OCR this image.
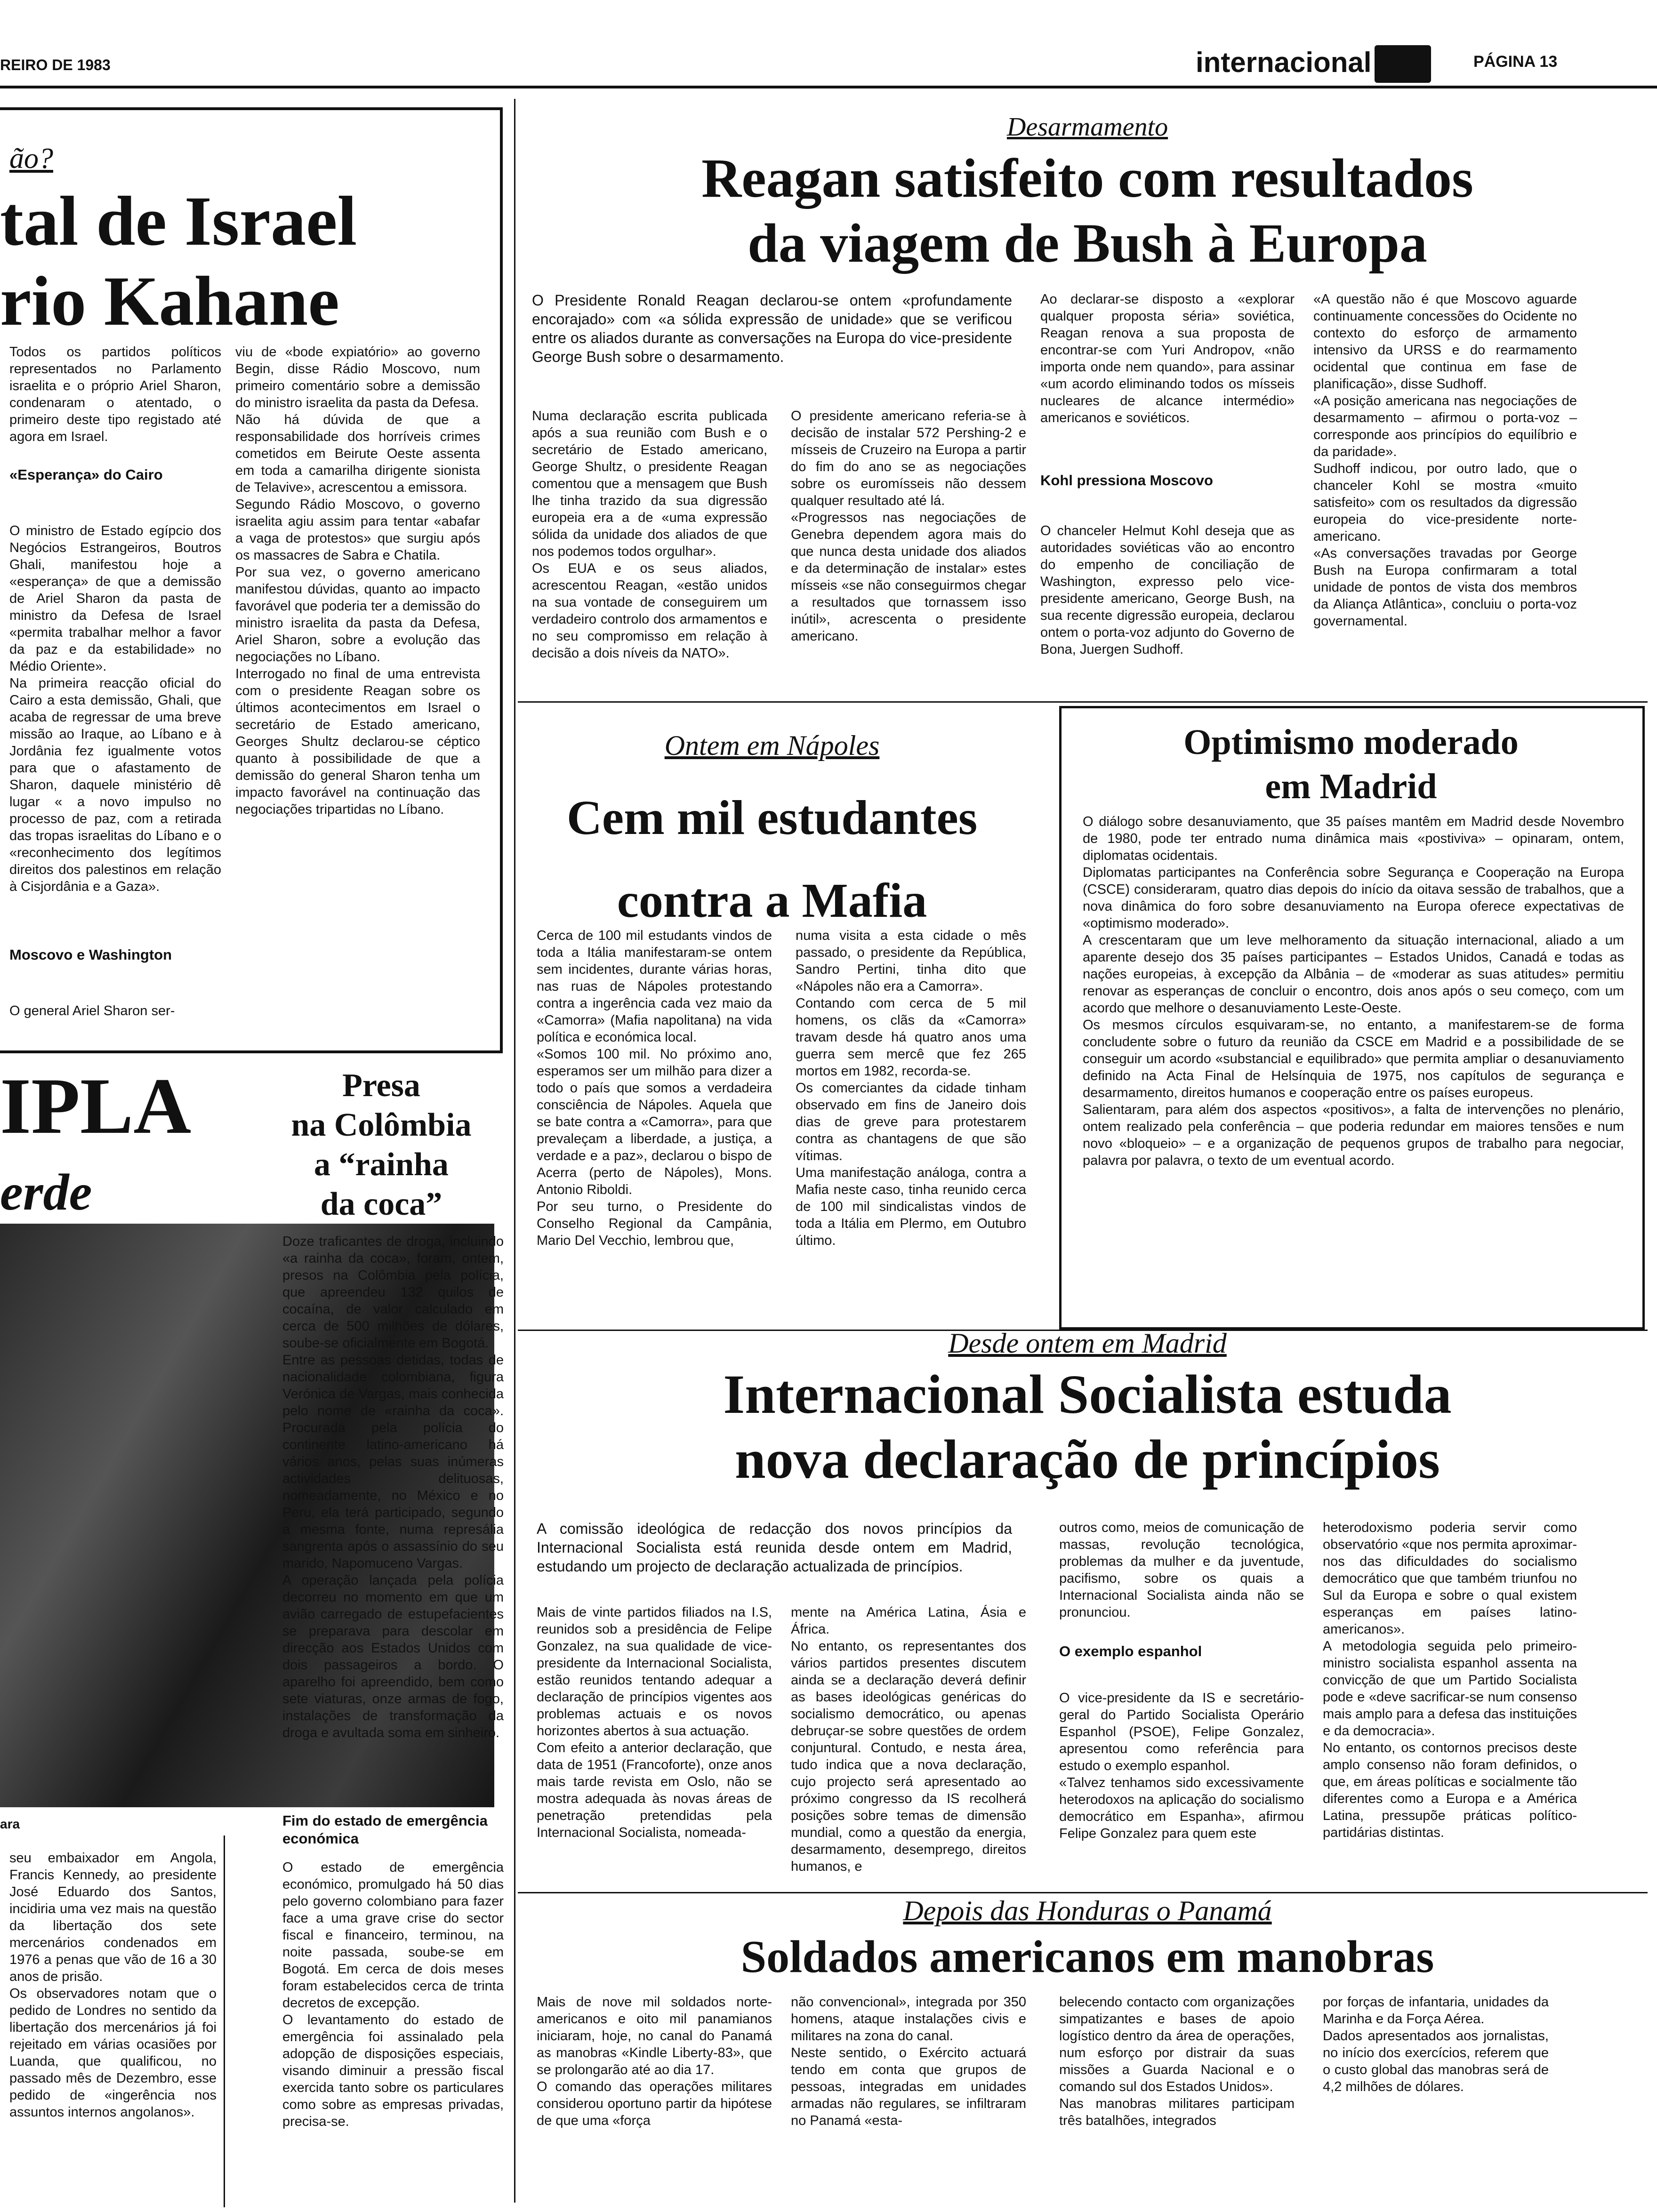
REIRO DE 1983	internacional	PÁGINA 13
ão?
tal de Israel
rio Kahane
Todos os partidos políticos representados no Parlamento israelita e o próprio Ariel Sharon, condenaram o atentado, o primeiro deste tipo registado até agora em Israel.
«Esperança» do Cairo
O ministro de Estado egípcio dos Negócios Estrangeiros, Boutros Ghali, manifestou hoje a «esperança» de que a demissão de Ariel Sharon da pasta de ministro da Defesa de Israel «permita trabalhar melhor a favor da paz e da estabilidade» no Médio Oriente».
Na primeira reacção oficial do Cairo a esta demissão, Ghali, que acaba de regressar de uma breve missão ao Iraque, ao Líbano e à Jordânia fez igualmente votos para que o afastamento de Sharon, daquele ministério dê lugar « a novo impulso no processo de paz, com a retirada das tropas israelitas do Líbano e o «reconhecimento dos legítimos direitos dos palestinos em relação à Cisjordânia e a Gaza».
Moscovo e Washington
O general Ariel Sharon ser-
viu de «bode expiatório» ao governo Begin, disse Rádio Moscovo, num primeiro comentário sobre a demissão do ministro israelita da pasta da Defesa.
Não há dúvida de que a responsabilidade dos horríveis crimes cometidos em Beirute Oeste assenta em toda a camarilha dirigente sionista de Telavive», acrescentou a emissora.
Segundo Rádio Moscovo, o governo israelita agiu assim para tentar «abafar a vaga de protestos» que surgiu após os massacres de Sabra e Chatila.
Por sua vez, o governo americano manifestou dúvidas, quanto ao impacto favorável que poderia ter a demissão do ministro israelita da pasta da Defesa, Ariel Sharon, sobre a evolução das negociações no Líbano.
Interrogado no final de uma entrevista com o presidente Reagan sobre os últimos acontecimentos em Israel o secretário de Estado americano, Georges Shultz declarou-se céptico quanto à possibilidade de que a demissão do general Sharon tenha um impacto favorável na continuação das negociações tripartidas no Líbano.
IPLA
erde
ara
seu embaixador em Angola, Francis Kennedy, ao presidente José Eduardo dos Santos, incidiria uma vez mais na questão da libertação dos sete mercenários condenados em 1976 a penas que vão de 16 a 30 anos de prisão.
Os observadores notam que o pedido de Londres no sentido da libertação dos mercenários já foi rejeitado em várias ocasiões por Luanda, que qualificou, no passado mês de Dezembro, esse pedido de «ingerência nos assuntos internos angolanos».
Presa
na Colômbia
a “rainha
da coca”
Doze traficantes de droga, incluindo «a rainha da coca», foram, ontem, presos na Colômbia pela polícia, que apreendeu 132 quilos de cocaína, de valor calculado em cerca de 500 milhões de dólares, soube-se oficialmente em Bogotá.
Entre as pessoas detidas, todas de nacionalidade colombiana, figura Verónica de Vargas, mais conhecida pelo nome de «rainha da coca». Procurada pela polícia do continente latino-americano há vários anos, pelas suas inúmeras actividades delituosas, nomeadamente, no México e no Peru, ela terá participado, segundo a mesma fonte, numa represália sangrenta após o assassínio do seu marido, Napomuceno Vargas.
A operação lançada pela polícia decorreu no momento em que um avião carregado de estupefacientes se preparava para descolar em direcção aos Estados Unidos com dois passageiros a bordo. O aparelho foi apreendido, bem como sete viaturas, onze armas de fogo, instalações de transformação da droga e avultada soma em sinheiro.
Fim do estado de emergência económica
O estado de emergência económico, promulgado há 50 dias pelo governo colombiano para fazer face a uma grave crise do sector fiscal e financeiro, terminou, na noite passada, soube-se em Bogotá. Em cerca de dois meses foram estabelecidos cerca de trinta decretos de excepção.
O levantamento do estado de emergência foi assinalado pela adopção de disposições especiais, visando diminuir a pressão fiscal exercida tanto sobre os particulares como sobre as empresas privadas, precisa-se.
Desarmamento
Reagan satisfeito com resultados
da viagem de Bush à Europa
O Presidente Ronald Reagan declarou-se ontem «profundamente encorajado» com «a sólida expressão de unidade» que se verificou entre os aliados durante as conversações na Europa do vice-presidente George Bush sobre o desarmamento.
Numa declaração escrita publicada após a sua reunião com Bush e o secretário de Estado americano, George Shultz, o presidente Reagan comentou que a mensagem que Bush lhe tinha trazido da sua digressão europeia era a de «uma expressão sólida da unidade dos aliados de que nos podemos todos orgulhar».
Os EUA e os seus aliados, acrescentou Reagan, «estão unidos na sua vontade de conseguirem um verdadeiro controlo dos armamentos e no seu compromisso em relação à decisão a dois níveis da NATO».
O presidente americano referia-se à decisão de instalar 572 Pershing-2 e mísseis de Cruzeiro na Europa a partir do fim do ano se as negociações sobre os euromísseis não dessem qualquer resultado até lá.
«Progressos nas negociações de Genebra dependem agora mais do que nunca desta unidade dos aliados e da determinação de instalar» estes mísseis «se não conseguirmos chegar a resultados que tornassem isso inútil», acrescenta o presidente americano.
Ao declarar-se disposto a «explorar qualquer proposta séria» soviética, Reagan renova a sua proposta de encontrar-se com Yuri Andropov, «não importa onde nem quando», para assinar «um acordo eliminando todos os mísseis nucleares de alcance intermédio» americanos e soviéticos.
Kohl pressiona Moscovo
O chanceler Helmut Kohl deseja que as autoridades soviéticas vão ao encontro do empenho de conciliação de Washington, expresso pelo vice-presidente americano, George Bush, na sua recente digressão europeia, declarou ontem o porta-voz adjunto do Governo de Bona, Juergen Sudhoff.
«A questão não é que Moscovo aguarde continuamente concessões do Ocidente no contexto do esforço de armamento intensivo da URSS e do rearmamento ocidental que continua em fase de planificação», disse Sudhoff.
«A posição americana nas negociações de desarmamento – afirmou o porta-voz – corresponde aos princípios do equilíbrio e da paridade».
Sudhoff indicou, por outro lado, que o chanceler Kohl se mostra «muito satisfeito» com os resultados da digressão europeia do vice-presidente norte-americano.
«As conversações travadas por George Bush na Europa confirmaram a total unidade de pontos de vista dos membros da Aliança Atlântica», concluiu o porta-voz governamental.
Ontem em Nápoles
Cem mil estudantes
contra a Mafia
Cerca de 100 mil estudants vindos de toda a Itália manifestaram-se ontem sem incidentes, durante várias horas, nas ruas de Nápoles protestando contra a ingerência cada vez maio da «Camorra» (Mafia napolitana) na vida política e económica local.
«Somos 100 mil. No próximo ano, esperamos ser um milhão para dizer a todo o país que somos a verdadeira consciência de Nápoles. Aquela que se bate contra a «Camorra», para que prevaleçam a liberdade, a justiça, a verdade e a paz», declarou o bispo de Acerra (perto de Nápoles), Mons. Antonio Riboldi.
Por seu turno, o Presidente do Conselho Regional da Campânia, Mario Del Vecchio, lembrou que,
numa visita a esta cidade o mês passado, o presidente da República, Sandro Pertini, tinha dito que «Nápoles não era a Camorra».
Contando com cerca de 5 mil homens, os clãs da «Camorra» travam desde há quatro anos uma guerra sem mercê que fez 265 mortos em 1982, recorda-se.
Os comerciantes da cidade tinham observado em fins de Janeiro dois dias de greve para protestarem contra as chantagens de que são vítimas.
Uma manifestação análoga, contra a Mafia neste caso, tinha reunido cerca de 100 mil sindicalistas vindos de toda a Itália em Plermo, em Outubro último.
Optimismo moderado
em Madrid
O diálogo sobre desanuviamento, que 35 países mantêm em Madrid desde Novembro de 1980, pode ter entrado numa dinâmica mais «postiviva» – opinaram, ontem, diplomatas ocidentais.
Diplomatas participantes na Conferência sobre Segurança e Cooperação na Europa (CSCE) consideraram, quatro dias depois do início da oitava sessão de trabalhos, que a nova dinâmica do foro sobre desanuviamento na Europa oferece expectativas de «optimismo moderado».
A crescentaram que um leve melhoramento da situação internacional, aliado a um aparente desejo dos 35 países participantes – Estados Unidos, Canadá e todas as nações europeias, à excepção da Albânia – de «moderar as suas atitudes» permitiu renovar as esperanças de concluir o encontro, dois anos após o seu começo, com um acordo que melhore o desanuviamento Leste-Oeste.
Os mesmos círculos esquivaram-se, no entanto, a manifestarem-se de forma concludente sobre o futuro da reunião da CSCE em Madrid e a possibilidade de se conseguir um acordo «substancial e equilibrado» que permita ampliar o desanuviamento definido na Acta Final de Helsínquia de 1975, nos capítulos de segurança e desarmamento, direitos humanos e cooperação entre os países europeus.
Salientaram, para além dos aspectos «positivos», a falta de intervenções no plenário, ontem realizado pela conferência – que poderia redundar em maiores tensões e num novo «bloqueio» – e a organização de pequenos grupos de trabalho para negociar, palavra por palavra, o texto de um eventual acordo.
Desde ontem em Madrid
Internacional Socialista estuda
nova declaração de princípios
A comissão ideológica de redacção dos novos princípios da Internacional Socialista está reunida desde ontem em Madrid, estudando um projecto de declaração actualizada de princípios.
Mais de vinte partidos filiados na I.S, reunidos sob a presidência de Felipe Gonzalez, na sua qualidade de vice-presidente da Internacional Socialista, estão reunidos tentando adequar a declaração de princípios vigentes aos problemas actuais e os novos horizontes abertos à sua actuação.
Com efeito a anterior declaração, que data de 1951 (Francoforte), onze anos mais tarde revista em Oslo, não se mostra adequada às novas áreas de penetração pretendidas pela Internacional Socialista, nomeada-
mente na América Latina, Ásia e África.
No entanto, os representantes dos vários partidos presentes discutem ainda se a declaração deverá definir as bases ideológicas genéricas do socialismo democrático, ou apenas debruçar-se sobre questões de ordem conjuntural. Contudo, e nesta área, tudo indica que a nova declaração, cujo projecto será apresentado ao próximo congresso da IS recolherá posições sobre temas de dimensão mundial, como a questão da energia, desarmamento, desemprego, direitos humanos, e
outros como, meios de comunicação de massas, revolução tecnológica, problemas da mulher e da juventude, pacifismo, sobre os quais a Internacional Socialista ainda não se pronunciou.
O exemplo espanhol
O vice-presidente da IS e secretário-geral do Partido Socialista Operário Espanhol (PSOE), Felipe Gonzalez, apresentou como referência para estudo o exemplo espanhol.
«Talvez tenhamos sido excessivamente heterodoxos na aplicação do socialismo democrático em Espanha», afirmou Felipe Gonzalez para quem este
heterodoxismo poderia servir como observatório «que nos permita aproximar-nos das dificuldades do socialismo democrático que que também triunfou no Sul da Europa e sobre o qual existem esperanças em países latino-americanos».
A metodologia seguida pelo primeiro-ministro socialista espanhol assenta na convicção de que um Partido Socialista pode e «deve sacrificar-se num consenso mais amplo para a defesa das instituições e da democracia».
No entanto, os contornos precisos deste amplo consenso não foram definidos, o que, em áreas políticas e socialmente tão diferentes como a Europa e a América Latina, pressupõe práticas político-partidárias distintas.
Depois das Honduras o Panamá
Soldados americanos em manobras
Mais de nove mil soldados norte-americanos e oito mil panamianos iniciaram, hoje, no canal do Panamá as manobras «Kindle Liberty-83», que se prolongarão até ao dia 17.
O comando das operações militares considerou oportuno partir da hipótese de que uma «força
não convencional», integrada por 350 homens, ataque instalações civis e militares na zona do canal.
Neste sentido, o Exército actuará tendo em conta que grupos de pessoas, integradas em unidades armadas não regulares, se infiltraram no Panamá «esta-
belecendo contacto com organizações simpatizantes e bases de apoio logístico dentro da área de operações, num esforço por distrair da suas missões a Guarda Nacional e o comando sul dos Estados Unidos».
Nas manobras militares participam três batalhões, integrados
por forças de infantaria, unidades da Marinha e da Força Aérea.
Dados apresentados aos jornalistas, no início dos exercícios, referem que o custo global das manobras será de 4,2 milhões de dólares.
